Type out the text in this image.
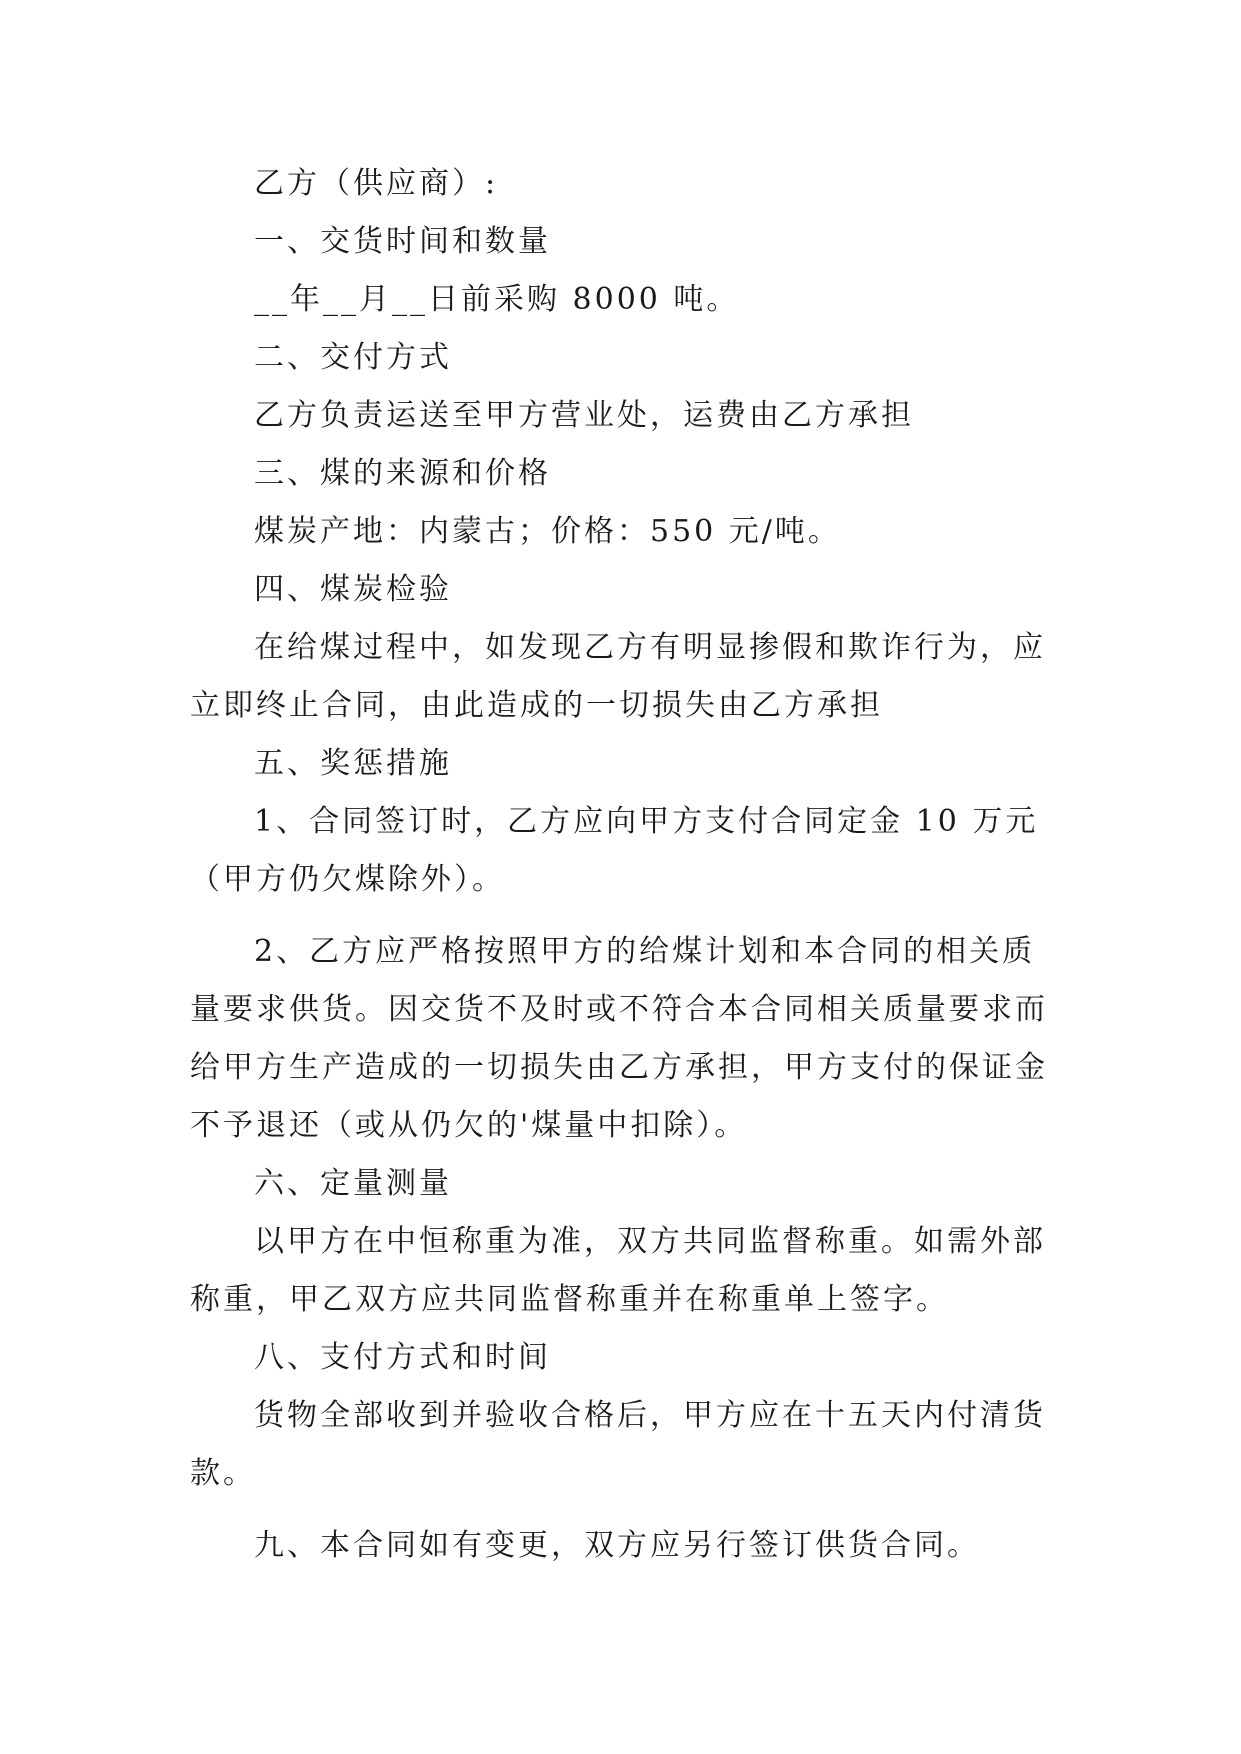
乙方（供应商）:
一、交货时间和数量
__年__月__日前采购 8000 吨。
二、交付方式
乙方负责运送至甲方营业处，运费由乙方承担
三、煤的来源和价格
煤炭产地：内蒙古；价格：550 元/吨。
四、煤炭检验
在给煤过程中，如发现乙方有明显掺假和欺诈行为，应
立即终止合同，由此造成的一切损失由乙方承担
五、奖惩措施
1、合同签订时，乙方应向甲方支付合同定金 10 万元
（甲方仍欠煤除外）。
2、乙方应严格按照甲方的给煤计划和本合同的相关质
量要求供货。因交货不及时或不符合本合同相关质量要求而
给甲方生产造成的一切损失由乙方承担，甲方支付的保证金
不予退还（或从仍欠的'煤量中扣除）。
六、定量测量
以甲方在中恒称重为准，双方共同监督称重。如需外部
称重，甲乙双方应共同监督称重并在称重单上签字。
八、支付方式和时间
货物全部收到并验收合格后，甲方应在十五天内付清货
款。
九、本合同如有变更，双方应另行签订供货合同。
